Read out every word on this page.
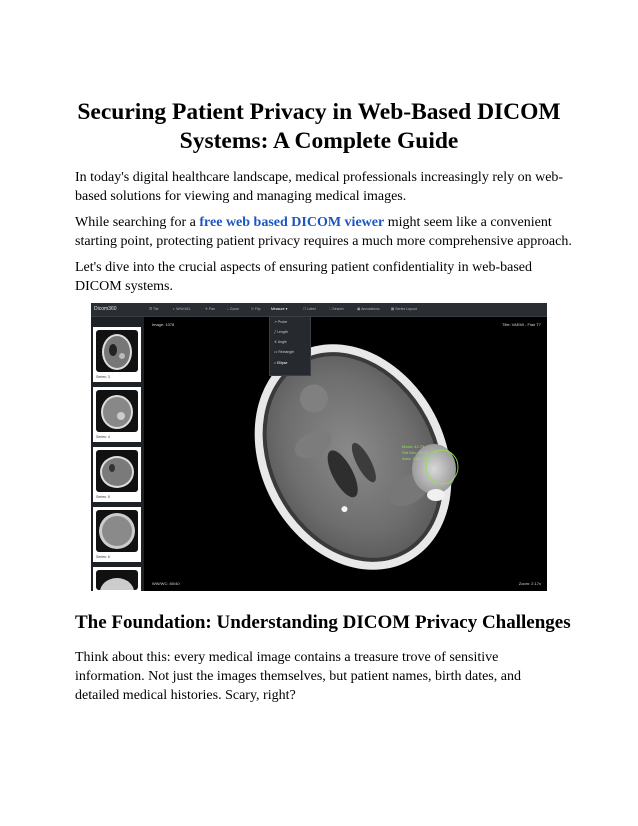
Securing Patient Privacy in Web-Based DICOM
Systems: A Complete Guide

In today's digital healthcare landscape, medical professionals increasingly rely on web-based solutions for viewing and managing medical images.

While searching for a free web based DICOM viewer might seem like a convenient starting point, protecting patient privacy requires a much more comprehensive approach.

Let's dive into the crucial aspects of ensuring patient confidentiality in web-based DICOM systems.

Dicom360	☰ Tile	◐ W/W,W/L	✛ Pan	⌕ Zoom	↻ Flip	Measure ▾	☐ Label	⛶ Search	▣ Annotations	▦ Series Layout
Series: 3
Series: 4
Series: 5
Series: 6
Mean: 42.75
Std Dev: 18.25
Area: 2.84 cm²
Image: 1078	Title: VAEMI - Flair T7
WW/WC: 80/40	Zoom: 2.17x
↗ Probe
╱ Length
∢ Angle
▭ Rectangle
○ Ellipse
The Foundation: Understanding DICOM Privacy Challenges

Think about this: every medical image contains a treasure trove of sensitive information. Not just the images themselves, but patient names, birth dates, and detailed medical histories. Scary, right?
